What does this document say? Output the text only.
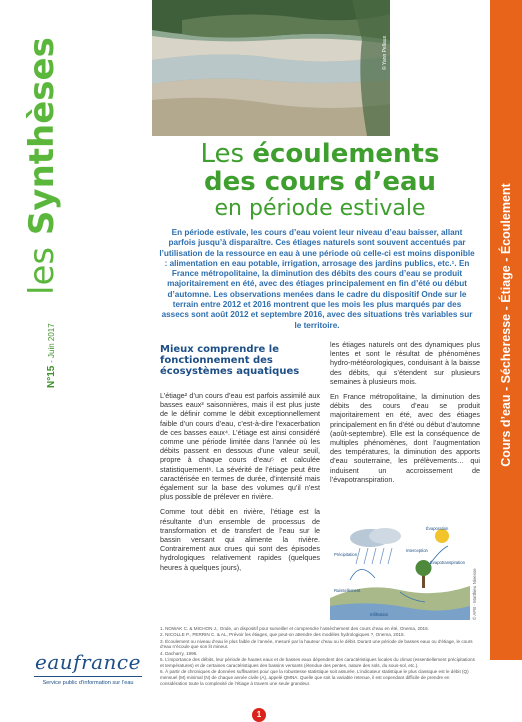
les Synthèses
N°15 - Juin 2017	Cours d’eau - Sécheresse - Étiage - Écoulement
© Yann Pellaux
Les écoulements
des cours d’eau
en période estivale
En période estivale, les cours d’eau voient leur niveau d’eau baisser, allant parfois jusqu’à disparaître. Ces étiages naturels sont souvent accentués par l’utilisation de la ressource en eau à une période où celle-ci est moins disponible : alimentation en eau potable, irrigation, arrosage des jardins publics, etc.¹. En France métropolitaine, la diminution des débits des cours d’eau se produit majoritairement en été, avec des étiages principalement en fin d’été ou début d’automne. Les observations menées dans le cadre du dispositif Onde sur le terrain entre 2012 et 2016 montrent que les mois les plus marqués par des assecs sont août 2012 et septembre 2016, avec des situations très variables sur le territoire.
Mieux comprendre le fonctionnement des écosystèmes aquatiques

L’étiage² d’un cours d’eau est parfois assimilé aux basses eaux³ saisonnières, mais il est plus juste de le définir comme le débit exceptionnellement faible d’un cours d’eau, c’est-à-dire l’exacerbation de ces basses eaux⁴. L’étiage est ainsi considéré comme une période limitée dans l’année où les débits passent en dessous d’une valeur seuil, propre à chaque cours d’eau⁵ et calculée statistiquement⁶. La sévérité de l’étiage peut être caractérisée en termes de durée, d’intensité mais également sur la base des volumes qu’il n’est plus possible de prélever en rivière.

Comme tout débit en rivière, l’étiage est la résultante d’un ensemble de processus de transformation et de transfert de l’eau sur le bassin versant qui alimente la rivière. Contrairement aux crues qui sont des épisodes hydrologiques relativement rapides (quelques heures à quelques jours),

les étiages naturels ont des dynamiques plus lentes et sont le résultat de phénomènes hydro-météorologiques, conduisant à la baisse des débits, qui s’étendent sur plusieurs semaines à plusieurs mois.

En France métropolitaine, la diminution des débits des cours d’eau se produit majoritairement en été, avec des étiages principalement en fin d’été ou début d’automne (août-septembre). Elle est la conséquence de multiples phénomènes, dont l’augmentation des températures, la diminution des apports d’eau souterraine, les prélèvements… qui induisent un accroissement de l’évapotranspiration.

Précipitation
Interception
Évaporation
Évapotranspiration
Infiltration
Ruissellement	© AFB - Matthieu Nivesse

1. NOWAK C. & MICHON J., Onde, un dispositif pour surveiller et comprendre l’assèchement des cours d’eau en été, Onema, 2016.

2. NICOLLE P., PERRIN C. & AL, Prévoir les étiages, que peut-on attendre des modèles hydrologiques ?, Onema, 2015.

3. Écoulement ou niveau d’eau le plus faible de l’année, mesuré par la hauteur d’eau ou le débit. Durant une période de basses eaux ou d’étiage, le cours d’eau n’écoule que son lit mineur.

4. Dacharry, 1996.

5. L’importance des débits, leur période de hautes eaux et de basses eaux dépendent des caractéristiques locales du climat (essentiellement précipitations et températures) et de certaines caractéristiques des bassins versants (étendue des pentes, nature des sols, du sous-sol, etc.).

6. À partir de chroniques de données suffisantes pour que la robustesse statistique soit assurée. L’indicateur statistique le plus classique est le débit (Q) mensuel (M) minimal (N) de chaque année civile (A), appelé QMNA. Quelle que soit la variable retenue, il est cependant difficile de prendre en considération toute la complexité de l’étiage à travers une seule grandeur.

eaufrance
Service public d’information sur l’eau
1
